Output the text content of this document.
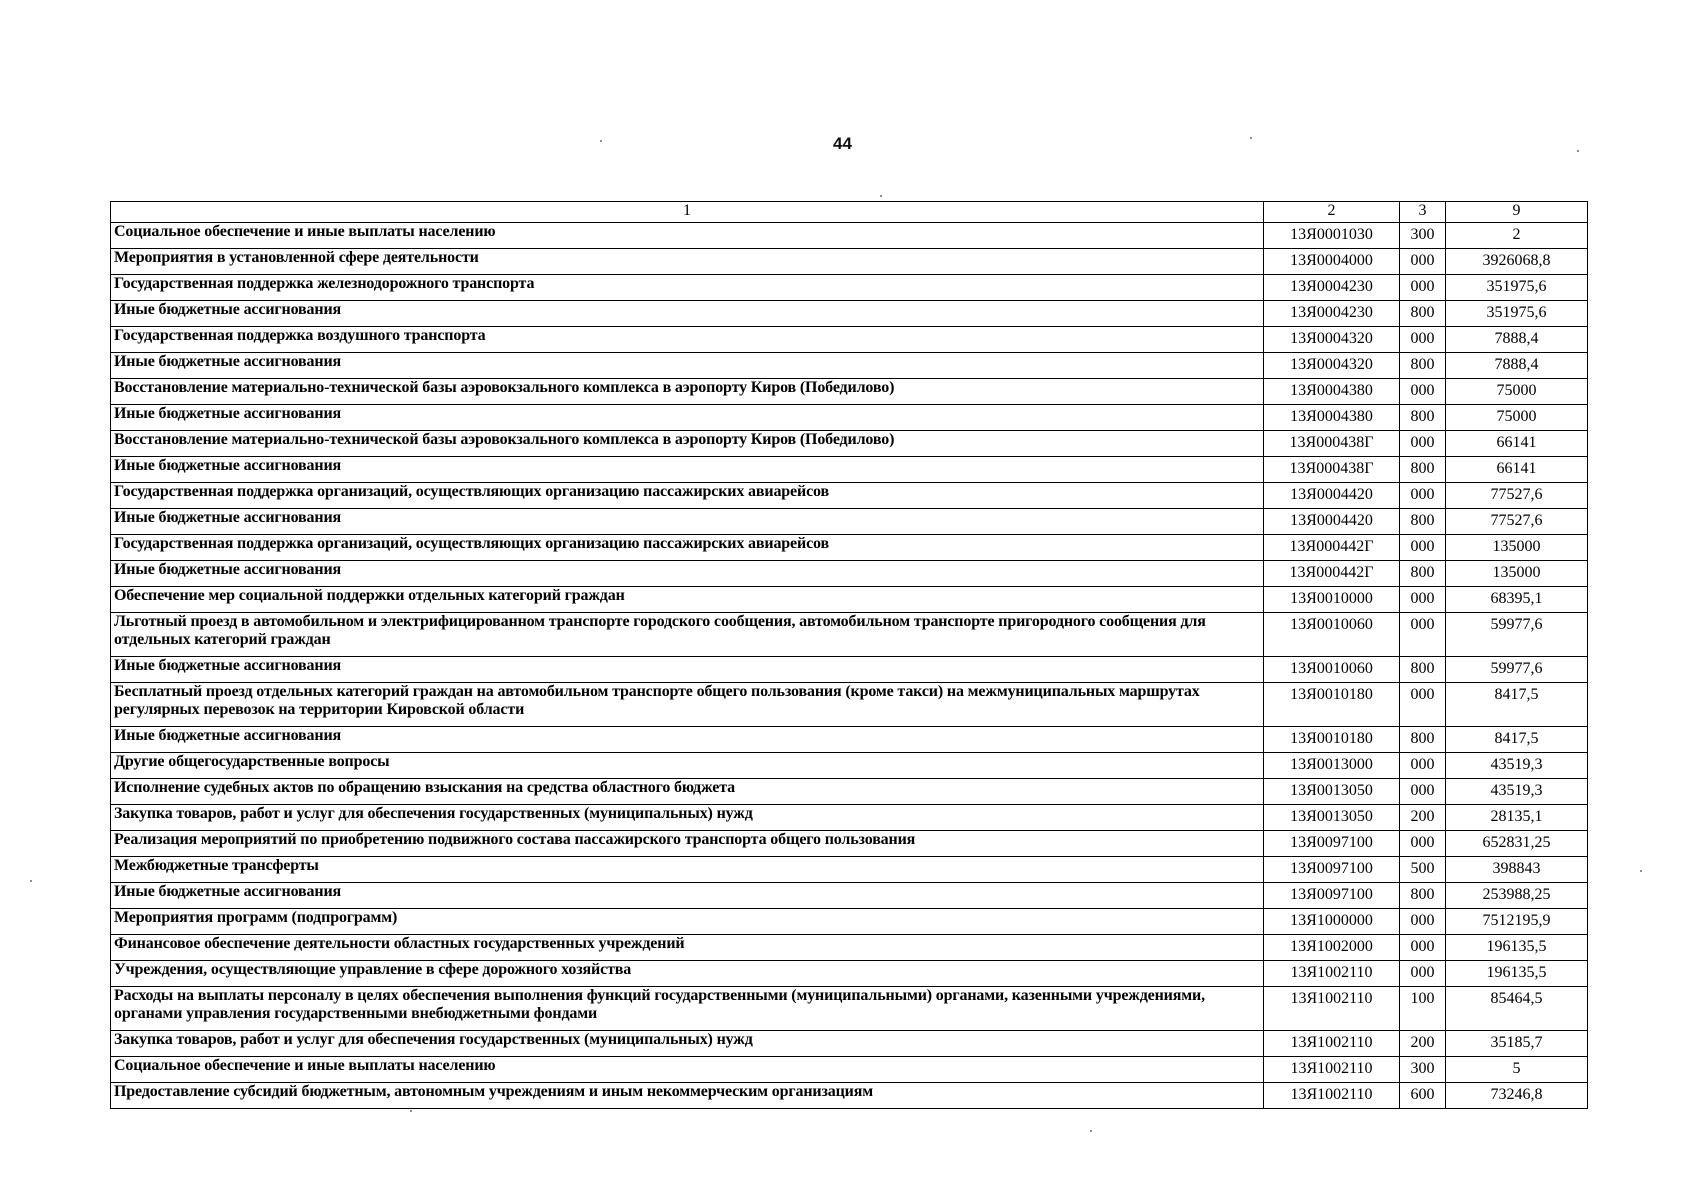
44
1	2	3	9
Социальное обеспечение и иные выплаты населению	13Я0001030	300	2
Мероприятия в установленной сфере деятельности	13Я0004000	000	3926068,8
Государственная поддержка железнодорожного транспорта	13Я0004230	000	351975,6
Иные бюджетные ассигнования	13Я0004230	800	351975,6
Государственная поддержка воздушного транспорта	13Я0004320	000	7888,4
Иные бюджетные ассигнования	13Я0004320	800	7888,4
Восстановление материально-технической базы аэровокзального комплекса в аэропорту Киров (Победилово)	13Я0004380	000	75000
Иные бюджетные ассигнования	13Я0004380	800	75000
Восстановление материально-технической базы аэровокзального комплекса в аэропорту Киров (Победилово)	13Я000438Г	000	66141
Иные бюджетные ассигнования	13Я000438Г	800	66141
Государственная поддержка организаций, осуществляющих организацию пассажирских авиарейсов	13Я0004420	000	77527,6
Иные бюджетные ассигнования	13Я0004420	800	77527,6
Государственная поддержка организаций, осуществляющих организацию пассажирских авиарейсов	13Я000442Г	000	135000
Иные бюджетные ассигнования	13Я000442Г	800	135000
Обеспечение мер социальной поддержки отдельных категорий граждан	13Я0010000	000	68395,1
Льготный проезд в автомобильном и электрифицированном транспорте городского сообщения, автомобильном транспорте пригородного сообщения для отдельных категорий граждан	13Я0010060	000	59977,6
Иные бюджетные ассигнования	13Я0010060	800	59977,6
Бесплатный проезд отдельных категорий граждан на автомобильном транспорте общего пользования (кроме такси) на межмуниципальных маршрутах регулярных перевозок на территории Кировской области	13Я0010180	000	8417,5
Иные бюджетные ассигнования	13Я0010180	800	8417,5
Другие общегосударственные вопросы	13Я0013000	000	43519,3
Исполнение судебных актов по обращению взыскания на средства областного бюджета	13Я0013050	000	43519,3
Закупка товаров, работ и услуг для обеспечения государственных (муниципальных) нужд	13Я0013050	200	28135,1
Реализация мероприятий по приобретению подвижного состава пассажирского транспорта общего пользования	13Я0097100	000	652831,25
Межбюджетные трансферты	13Я0097100	500	398843
Иные бюджетные ассигнования	13Я0097100	800	253988,25
Мероприятия программ (подпрограмм)	13Я1000000	000	7512195,9
Финансовое обеспечение деятельности областных государственных учреждений	13Я1002000	000	196135,5
Учреждения, осуществляющие управление в сфере дорожного хозяйства	13Я1002110	000	196135,5
Расходы на выплаты персоналу в целях обеспечения выполнения функций государственными (муниципальными) органами, казенными учреждениями, органами управления государственными внебюджетными фондами	13Я1002110	100	85464,5
Закупка товаров, работ и услуг для обеспечения государственных (муниципальных) нужд	13Я1002110	200	35185,7
Социальное обеспечение и иные выплаты населению	13Я1002110	300	5
Предоставление субсидий бюджетным, автономным учреждениям и иным некоммерческим организациям	13Я1002110	600	73246,8
